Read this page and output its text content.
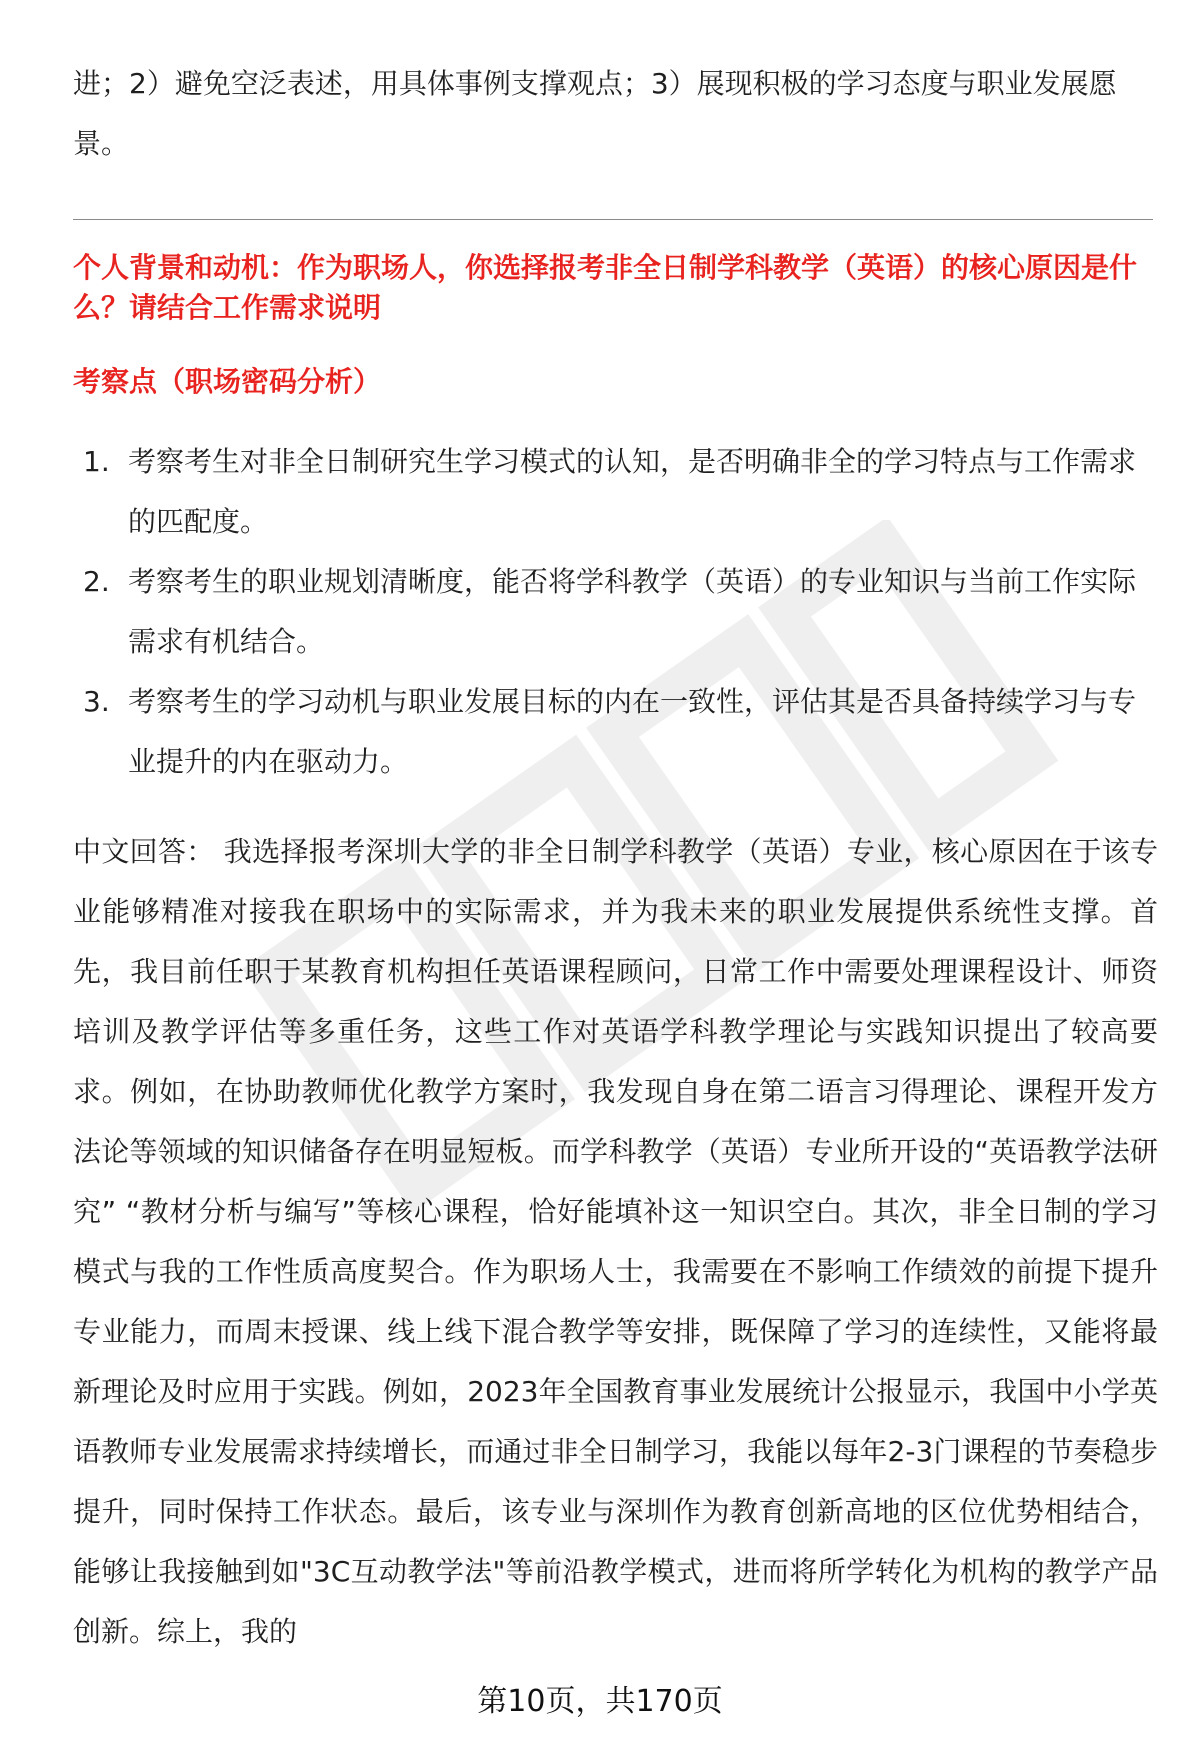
进；2）避免空泛表述，用具体事例支撑观点；3）展现积极的学习态度与职业发展愿景。

个人背景和动机：作为职场人，你选择报考非全日制学科教学（英语）的核心原因是什么？请结合工作需求说明

考察点（职场密码分析）

1. 考察考生对非全日制研究生学习模式的认知，是否明确非全的学习特点与工作需求的匹配度。
2. 考察考生的职业规划清晰度，能否将学科教学（英语）的专业知识与当前工作实际需求有机结合。
3. 考察考生的学习动机与职业发展目标的内在一致性，评估其是否具备持续学习与专业提升的内在驱动力。

中文回答： 我选择报考深圳大学的非全日制学科教学（英语）专业，核心原因在于该专业能够精准对接我在职场中的实际需求，并为我未来的职业发展提供系统性支撑。首先，我目前任职于某教育机构担任英语课程顾问，日常工作中需要处理课程设计、师资培训及教学评估等多重任务，这些工作对英语学科教学理论与实践知识提出了较高要求。例如，在协助教师优化教学方案时，我发现自身在第二语言习得理论、课程开发方法论等领域的知识储备存在明显短板。而学科教学（英语）专业所开设的“英语教学法研究” “教材分析与编写”等核心课程，恰好能填补这一知识空白。其次，非全日制的学习模式与我的工作性质高度契合。作为职场人士，我需要在不影响工作绩效的前提下提升专业能力，而周末授课、线上线下混合教学等安排，既保障了学习的连续性，又能将最新理论及时应用于实践。例如，2023年全国教育事业发展统计公报显示，我国中小学英语教师专业发展需求持续增长，而通过非全日制学习，我能以每年2-3门课程的节奏稳步提升，同时保持工作状态。最后，该专业与深圳作为教育创新高地的区位优势相结合，能够让我接触到如"3C互动教学法"等前沿教学模式，进而将所学转化为机构的教学产品创新。综上，我的

第10页，共170页
